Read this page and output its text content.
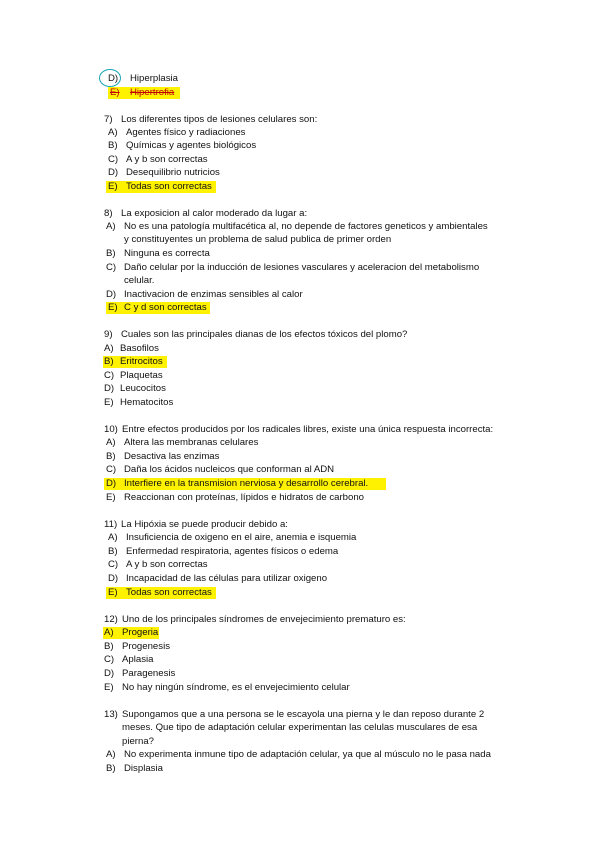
D) Hiperplasia
E) Hipertrofia
7) Los diferentes tipos de lesiones celulares son:
A) Agentes físico y radiaciones
B) Químicas y agentes biológicos
C) A y b son correctas
D) Desequilibrio nutricios
E) Todas son correctas
8) La exposicion al calor moderado da lugar a:
A) No es una patología multifacética al, no depende de factores geneticos y ambientales
y constituyentes un problema de salud publica de primer orden
B) Ninguna es correcta
C) Daño celular por la inducción de lesiones vasculares y aceleracion del metabolismo
celular.
D) Inactivacion de enzimas sensibles al calor
E) C y d son correctas
9) Cuales son las principales dianas de los efectos tóxicos del plomo?
A) Basofilos
B) Eritrocitos
C) Plaquetas
D) Leucocitos
E) Hematocitos
10) Entre efectos producidos por los radicales libres, existe una única respuesta incorrecta:
A) Altera las membranas celulares
B) Desactiva las enzimas
C) Daña los ácidos nucleicos que conforman al ADN
D) Interfiere en la transmision nerviosa y desarrollo cerebral.
E) Reaccionan con proteínas, lípidos e hidratos de carbono
11) La Hipóxia se puede producir debido a:
A) Insuficiencia de oxigeno en el aire, anemia e isquemia
B) Enfermedad respiratoria, agentes físicos o edema
C) A y b son correctas
D) Incapacidad de las células para utilizar oxigeno
E) Todas son correctas
12) Uno de los principales síndromes de envejecimiento prematuro es:
A) Progeria
B) Progenesis
C) Aplasia
D) Paragenesis
E) No hay ningún síndrome, es el envejecimiento celular
13) Supongamos que a una persona se le escayola una pierna y le dan reposo durante 2
meses. Que tipo de adaptación celular experimentan las celulas musculares de esa
pierna?
A) No experimenta inmune tipo de adaptación celular, ya que al músculo no le pasa nada
B) Displasia
